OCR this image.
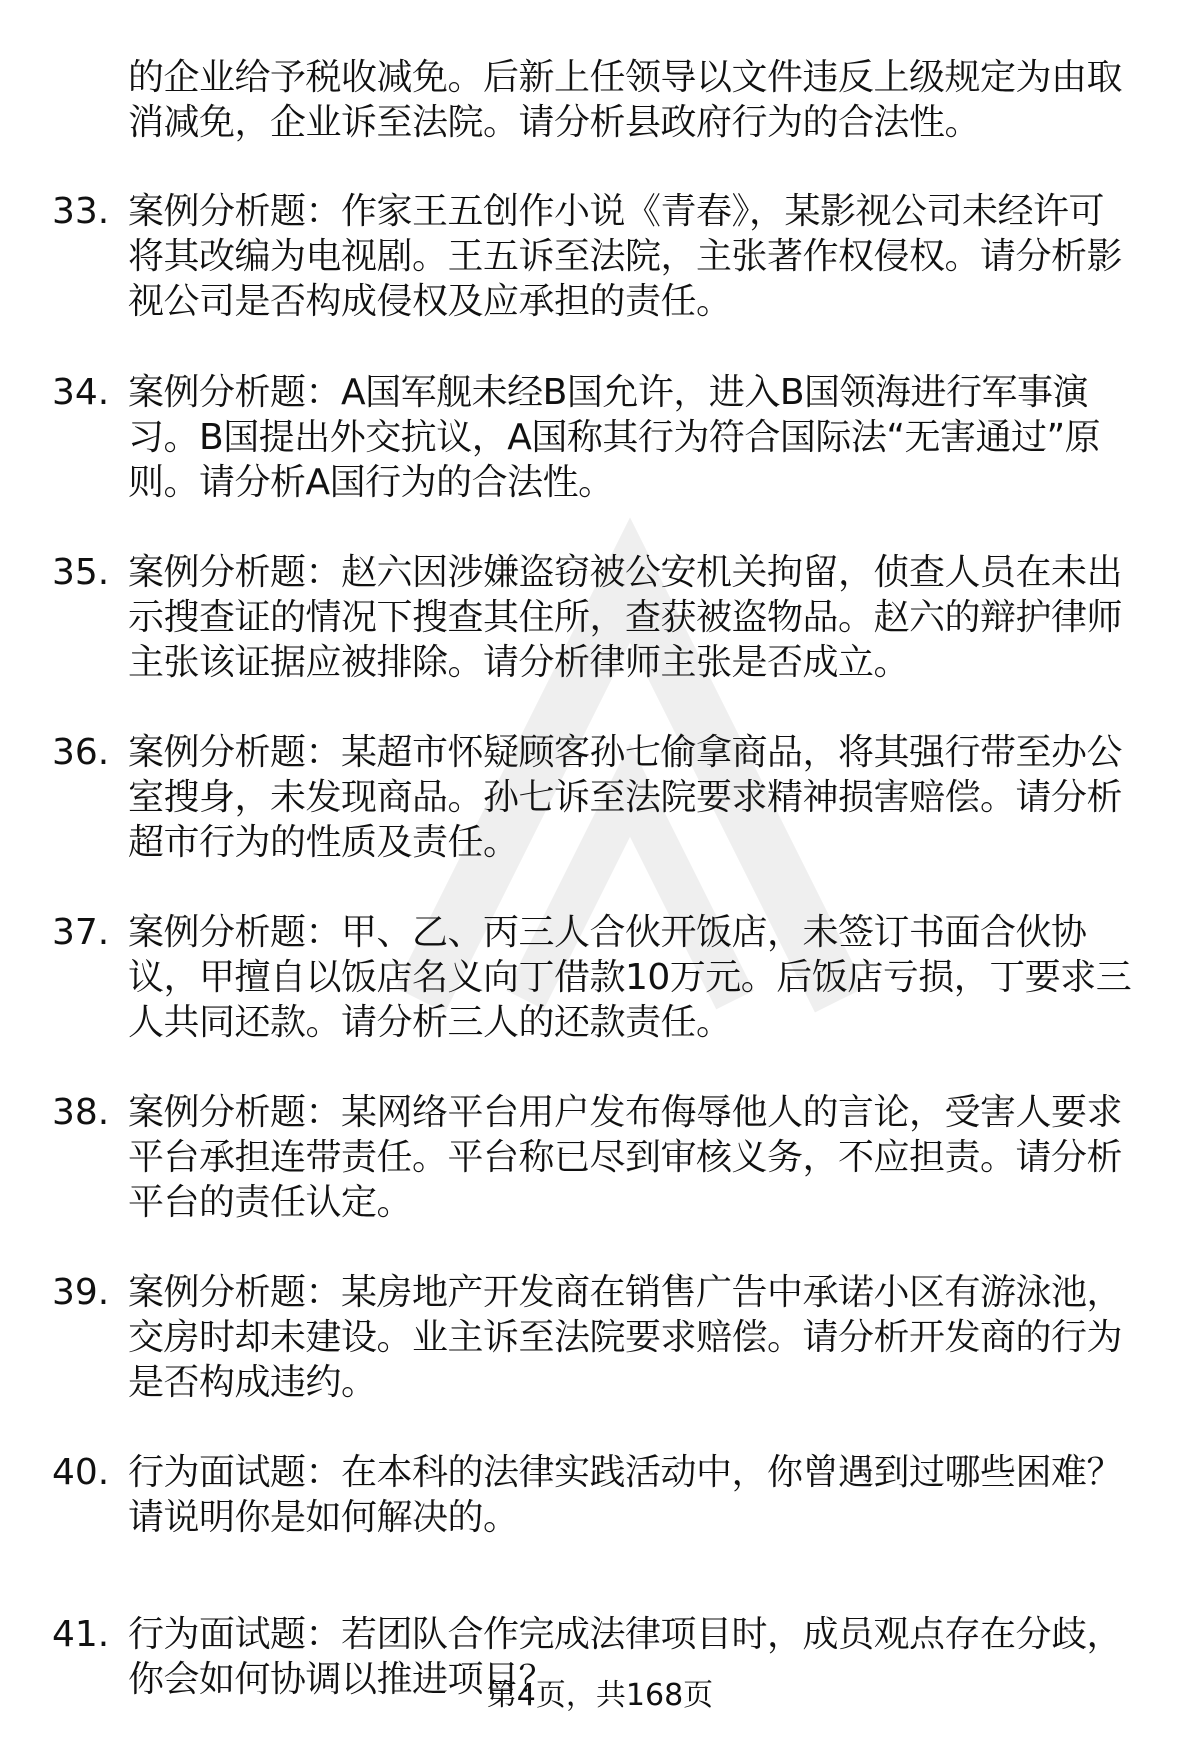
的企业给予税收减免。后新上任领导以文件违反上级规定为由取
消减免，企业诉至法院。请分析县政府行为的合法性。
33. 案例分析题：作家王五创作小说《青春》，某影视公司未经许可
将其改编为电视剧。王五诉至法院，主张著作权侵权。请分析影
视公司是否构成侵权及应承担的责任。
34. 案例分析题：A国军舰未经B国允许，进入B国领海进行军事演
习。B国提出外交抗议，A国称其行为符合国际法“无害通过”原
则。请分析A国行为的合法性。
35. 案例分析题：赵六因涉嫌盗窃被公安机关拘留，侦查人员在未出
示搜查证的情况下搜查其住所，查获被盗物品。赵六的辩护律师
主张该证据应被排除。请分析律师主张是否成立。
36. 案例分析题：某超市怀疑顾客孙七偷拿商品，将其强行带至办公
室搜身，未发现商品。孙七诉至法院要求精神损害赔偿。请分析
超市行为的性质及责任。
37. 案例分析题：甲、乙、丙三人合伙开饭店，未签订书面合伙协
议，甲擅自以饭店名义向丁借款10万元。后饭店亏损，丁要求三
人共同还款。请分析三人的还款责任。
38. 案例分析题：某网络平台用户发布侮辱他人的言论，受害人要求
平台承担连带责任。平台称已尽到审核义务，不应担责。请分析
平台的责任认定。
39. 案例分析题：某房地产开发商在销售广告中承诺小区有游泳池，
交房时却未建设。业主诉至法院要求赔偿。请分析开发商的行为
是否构成违约。
40. 行为面试题：在本科的法律实践活动中，你曾遇到过哪些困难？
请说明你是如何解决的。
41. 行为面试题：若团队合作完成法律项目时，成员观点存在分歧，
你会如何协调以推进项目？
第4页，共168页
